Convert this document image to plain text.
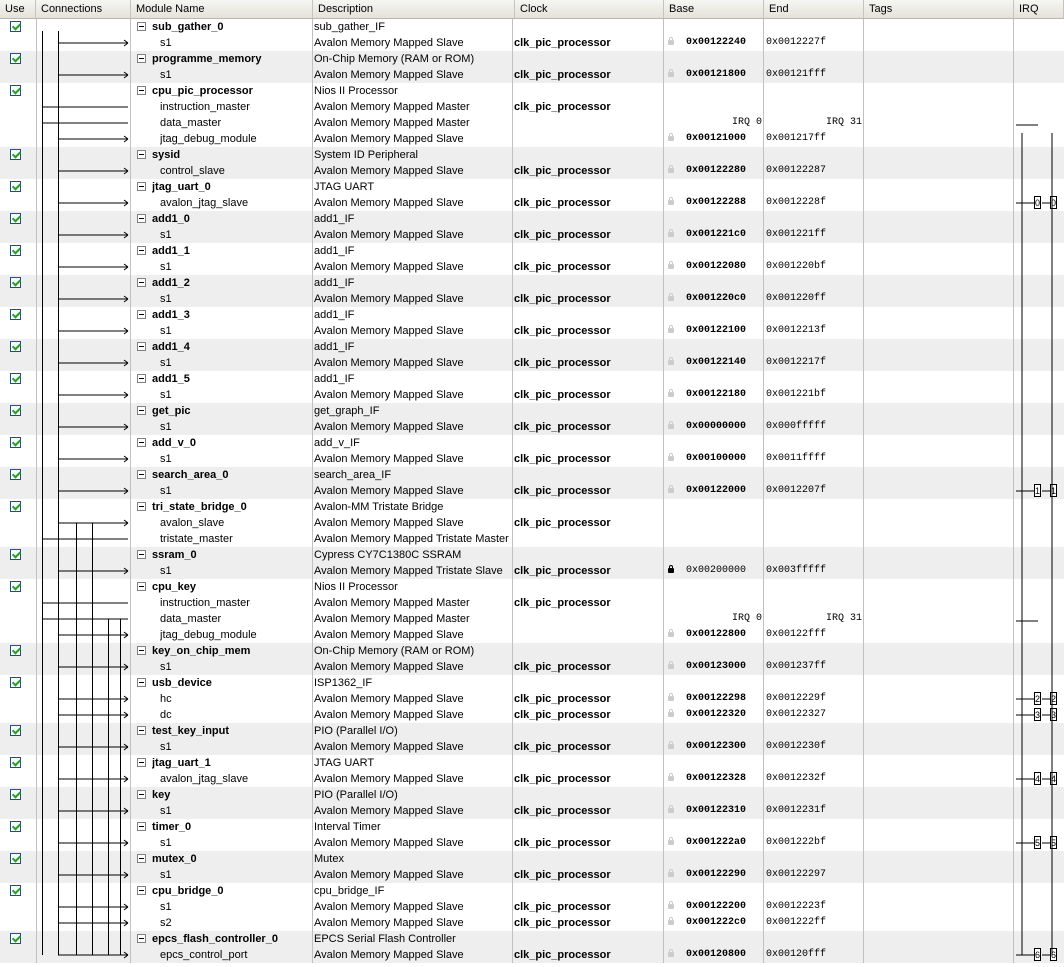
Use	Connections	Module Name	Description	Clock	Base	End	Tags	IRQ
sub_gather_0	sub_gather_IF
s1	Avalon Memory Mapped Slave	clk_pic_processor	0x00122240	0x0012227f
programme_memory	On-Chip Memory (RAM or ROM)
s1	Avalon Memory Mapped Slave	clk_pic_processor	0x00121800	0x00121fff
cpu_pic_processor	Nios II Processor
instruction_master	Avalon Memory Mapped Master	clk_pic_processor
data_master	Avalon Memory Mapped Master	IRQ 0	IRQ 31
jtag_debug_module	Avalon Memory Mapped Slave	0x00121000	0x001217ff
sysid	System ID Peripheral
control_slave	Avalon Memory Mapped Slave	clk_pic_processor	0x00122280	0x00122287
jtag_uart_0	JTAG UART
avalon_jtag_slave	Avalon Memory Mapped Slave	clk_pic_processor	0x00122288	0x0012228f	0 0
add1_0	add1_IF
s1	Avalon Memory Mapped Slave	clk_pic_processor	0x001221c0	0x001221ff
add1_1	add1_IF
s1	Avalon Memory Mapped Slave	clk_pic_processor	0x00122080	0x001220bf
add1_2	add1_IF
s1	Avalon Memory Mapped Slave	clk_pic_processor	0x001220c0	0x001220ff
add1_3	add1_IF
s1	Avalon Memory Mapped Slave	clk_pic_processor	0x00122100	0x0012213f
add1_4	add1_IF
s1	Avalon Memory Mapped Slave	clk_pic_processor	0x00122140	0x0012217f
add1_5	add1_IF
s1	Avalon Memory Mapped Slave	clk_pic_processor	0x00122180	0x001221bf
get_pic	get_graph_IF
s1	Avalon Memory Mapped Slave	clk_pic_processor	0x00000000	0x000fffff
add_v_0	add_v_IF
s1	Avalon Memory Mapped Slave	clk_pic_processor	0x00100000	0x0011ffff
search_area_0	search_area_IF
s1	Avalon Memory Mapped Slave	clk_pic_processor	0x00122000	0x0012207f	1 1
tri_state_bridge_0	Avalon-MM Tristate Bridge
avalon_slave	Avalon Memory Mapped Slave	clk_pic_processor
tristate_master	Avalon Memory Mapped Tristate Master
ssram_0	Cypress CY7C1380C SSRAM
s1	Avalon Memory Mapped Tristate Slave	clk_pic_processor	0x00200000	0x003fffff
cpu_key	Nios II Processor
instruction_master	Avalon Memory Mapped Master	clk_pic_processor
data_master	Avalon Memory Mapped Master	IRQ 0	IRQ 31
jtag_debug_module	Avalon Memory Mapped Slave	0x00122800	0x00122fff
key_on_chip_mem	On-Chip Memory (RAM or ROM)
s1	Avalon Memory Mapped Slave	clk_pic_processor	0x00123000	0x001237ff
usb_device	ISP1362_IF
hc	Avalon Memory Mapped Slave	clk_pic_processor	0x00122298	0x0012229f	2 2
dc	Avalon Memory Mapped Slave	clk_pic_processor	0x00122320	0x00122327	3 3
test_key_input	PIO (Parallel I/O)
s1	Avalon Memory Mapped Slave	clk_pic_processor	0x00122300	0x0012230f
jtag_uart_1	JTAG UART
avalon_jtag_slave	Avalon Memory Mapped Slave	clk_pic_processor	0x00122328	0x0012232f	4 4
key	PIO (Parallel I/O)
s1	Avalon Memory Mapped Slave	clk_pic_processor	0x00122310	0x0012231f
timer_0	Interval Timer
s1	Avalon Memory Mapped Slave	clk_pic_processor	0x001222a0	0x001222bf	5 5
mutex_0	Mutex
s1	Avalon Memory Mapped Slave	clk_pic_processor	0x00122290	0x00122297
cpu_bridge_0	cpu_bridge_IF
s1	Avalon Memory Mapped Slave	clk_pic_processor	0x00122200	0x0012223f
s2	Avalon Memory Mapped Slave	clk_pic_processor	0x001222c0	0x001222ff
epcs_flash_controller_0	EPCS Serial Flash Controller
epcs_control_port	Avalon Memory Mapped Slave	clk_pic_processor	0x00120800	0x00120fff	6 6
